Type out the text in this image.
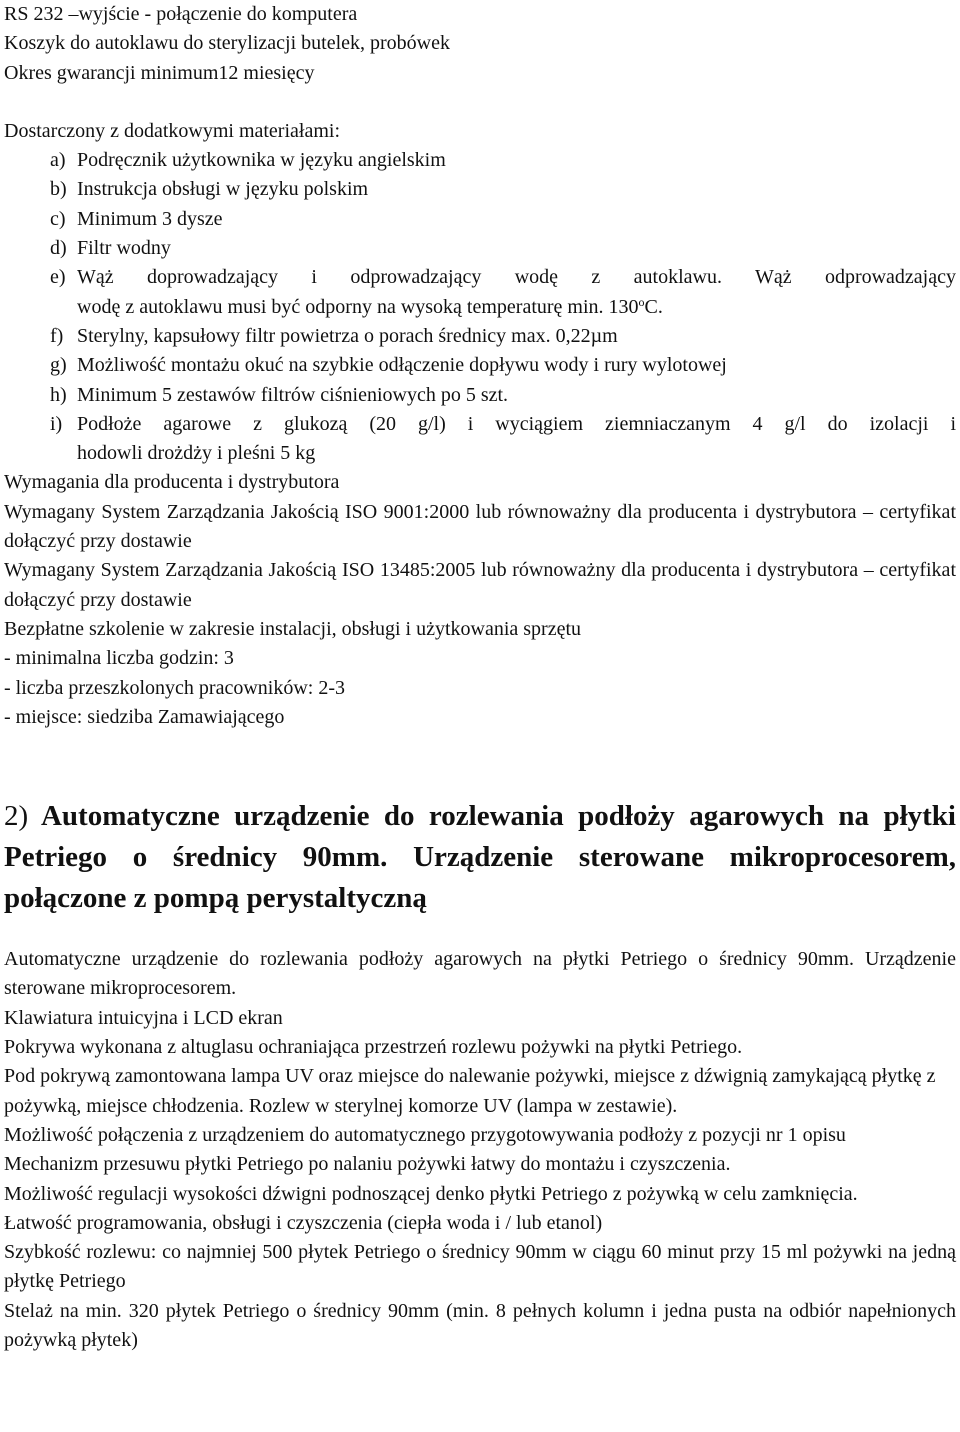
RS 232 –wyjście - połączenie do komputera

Koszyk do autoklawu do sterylizacji butelek, probówek

Okres gwarancji minimum12 miesięcy

Dostarczony z dodatkowymi materiałami:

a) Podręcznik użytkownika w języku angielskim
b) Instrukcja obsługi w języku polskim
c) Minimum 3 dysze
d) Filtr wodny
e) Wąż doprowadzający i odprowadzający wodę z autoklawu. Wąż odprowadzający
wodę z autoklawu musi być odporny na wysoką temperaturę min. 130$^o$C.
f) Sterylny, kapsułowy filtr powietrza o porach średnicy max. 0,22µm
g) Możliwość montażu okuć na szybkie odłączenie dopływu wody i rury wylotowej
h) Minimum 5 zestawów filtrów ciśnieniowych po 5 szt.
i) Podłoże agarowe z glukozą (20 g/l) i wyciągiem ziemniaczanym 4 g/l do izolacji i
hodowli drożdży i pleśni 5 kg

Wymagania dla producenta i dystrybutora

Wymagany System Zarządzania Jakością ISO 9001:2000 lub równoważny dla producenta i dystrybutora – certyfikat dołączyć przy dostawie

Wymagany System Zarządzania Jakością ISO 13485:2005 lub równoważny dla producenta i dystrybutora – certyfikat dołączyć przy dostawie

Bezpłatne szkolenie w zakresie instalacji, obsługi i użytkowania sprzętu

- minimalna liczba godzin: 3

- liczba przeszkolonych pracowników: 2-3

- miejsce: siedziba Zamawiającego

2) Automatyczne urządzenie do rozlewania podłoży agarowych na płytki Petriego o średnicy 90mm. Urządzenie sterowane mikroprocesorem, połączone z pompą perystaltyczną

Automatyczne urządzenie do rozlewania podłoży agarowych na płytki Petriego o średnicy 90mm. Urządzenie sterowane mikroprocesorem.

Klawiatura intuicyjna i LCD ekran

Pokrywa wykonana z altuglasu ochraniająca przestrzeń rozlewu pożywki na płytki Petriego.

Pod pokrywą zamontowana lampa UV oraz miejsce do nalewanie pożywki, miejsce z dźwignią zamykającą płytkę z pożywką, miejsce chłodzenia. Rozlew w sterylnej komorze UV (lampa w zestawie).

Możliwość połączenia z urządzeniem do automatycznego przygotowywania podłoży z pozycji nr 1 opisu

Mechanizm przesuwu płytki Petriego po nalaniu pożywki łatwy do montażu i czyszczenia.

Możliwość regulacji wysokości dźwigni podnoszącej denko płytki Petriego z pożywką w celu zamknięcia.

Łatwość programowania, obsługi i czyszczenia (ciepła woda i / lub etanol)

Szybkość rozlewu: co najmniej 500 płytek Petriego o średnicy 90mm w ciągu 60 minut przy 15 ml pożywki na jedną płytkę Petriego

Stelaż na min. 320 płytek Petriego o średnicy 90mm (min. 8 pełnych kolumn i jedna pusta na odbiór napełnionych pożywką płytek)
